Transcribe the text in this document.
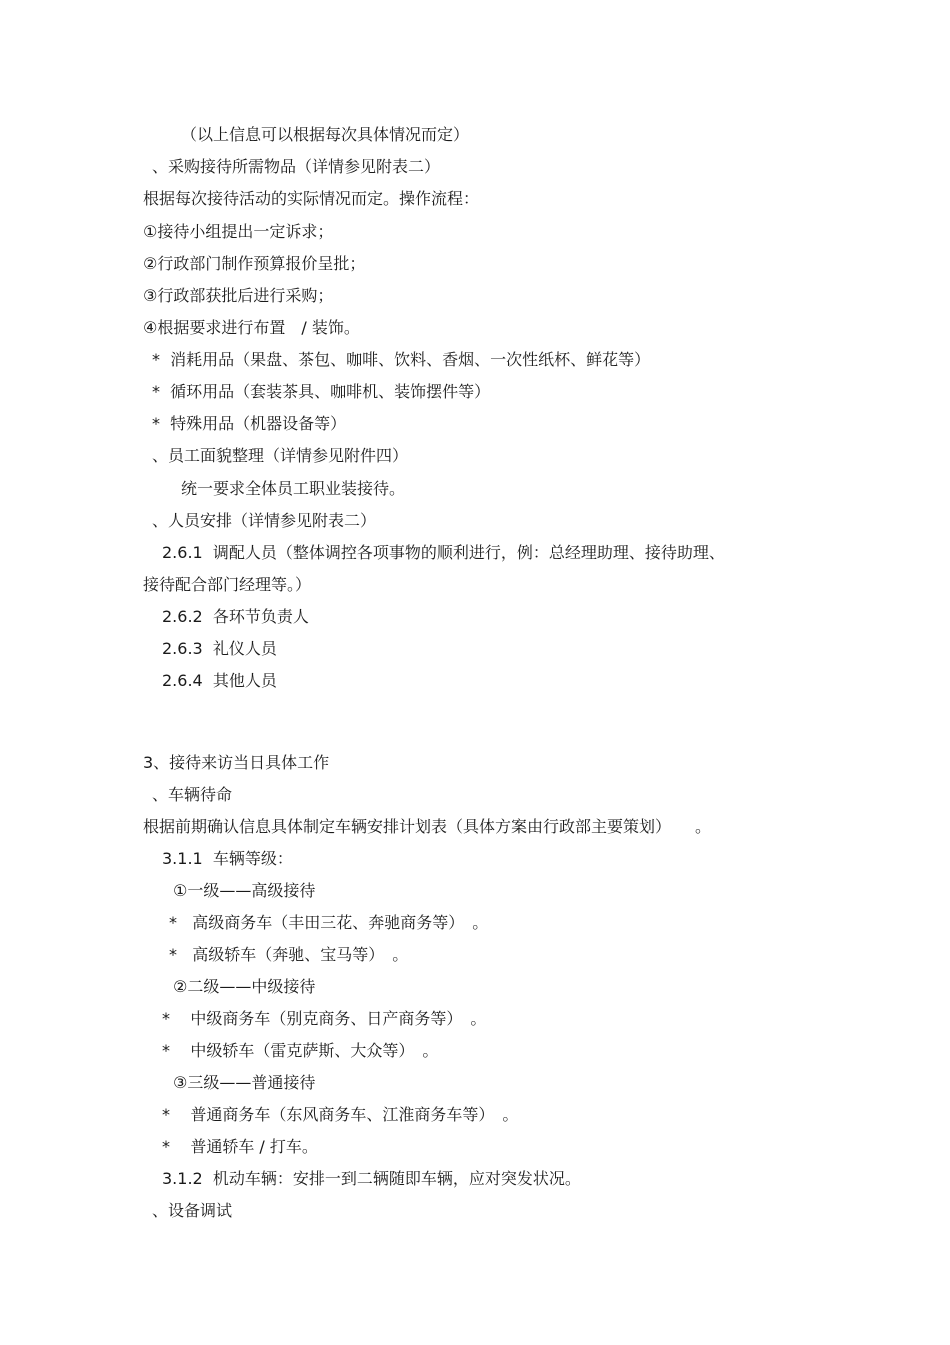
（以上信息可以根据每次具体情况而定）
、采购接待所需物品（详情参见附表二）
根据每次接待活动的实际情况而定。操作流程：
①接待小组提出一定诉求；
②行政部门制作预算报价呈批；
③行政部获批后进行采购；
④根据要求进行布置　/ 装饰。
*  消耗用品（果盘、茶包、咖啡、饮料、香烟、一次性纸杯、鲜花等）
*  循环用品（套装茶具、咖啡机、装饰摆件等）
*  特殊用品（机器设备等）
、员工面貌整理（详情参见附件四）
统一要求全体员工职业装接待。
、人员安排（详情参见附表二）
2.6.1  调配人员（整体调控各项事物的顺利进行，例：总经理助理、接待助理、
接待配合部门经理等。）
2.6.2  各环节负责人
2.6.3  礼仪人员
2.6.4  其他人员
3、接待来访当日具体工作
、车辆待命
根据前期确认信息具体制定车辆安排计划表（具体方案由行政部主要策划）　　。
3.1.1  车辆等级：
①一级——高级接待
*   高级商务车（丰田三花、奔驰商务等）　。
*   高级轿车（奔驰、宝马等）　。
②二级——中级接待
*    中级商务车（别克商务、日产商务等）　。
*    中级轿车（雷克萨斯、大众等）　。
③三级——普通接待
*    普通商务车（东风商务车、江淮商务车等）　。
*    普通轿车 / 打车。
3.1.2  机动车辆：安排一到二辆随即车辆，应对突发状况。
、设备调试
